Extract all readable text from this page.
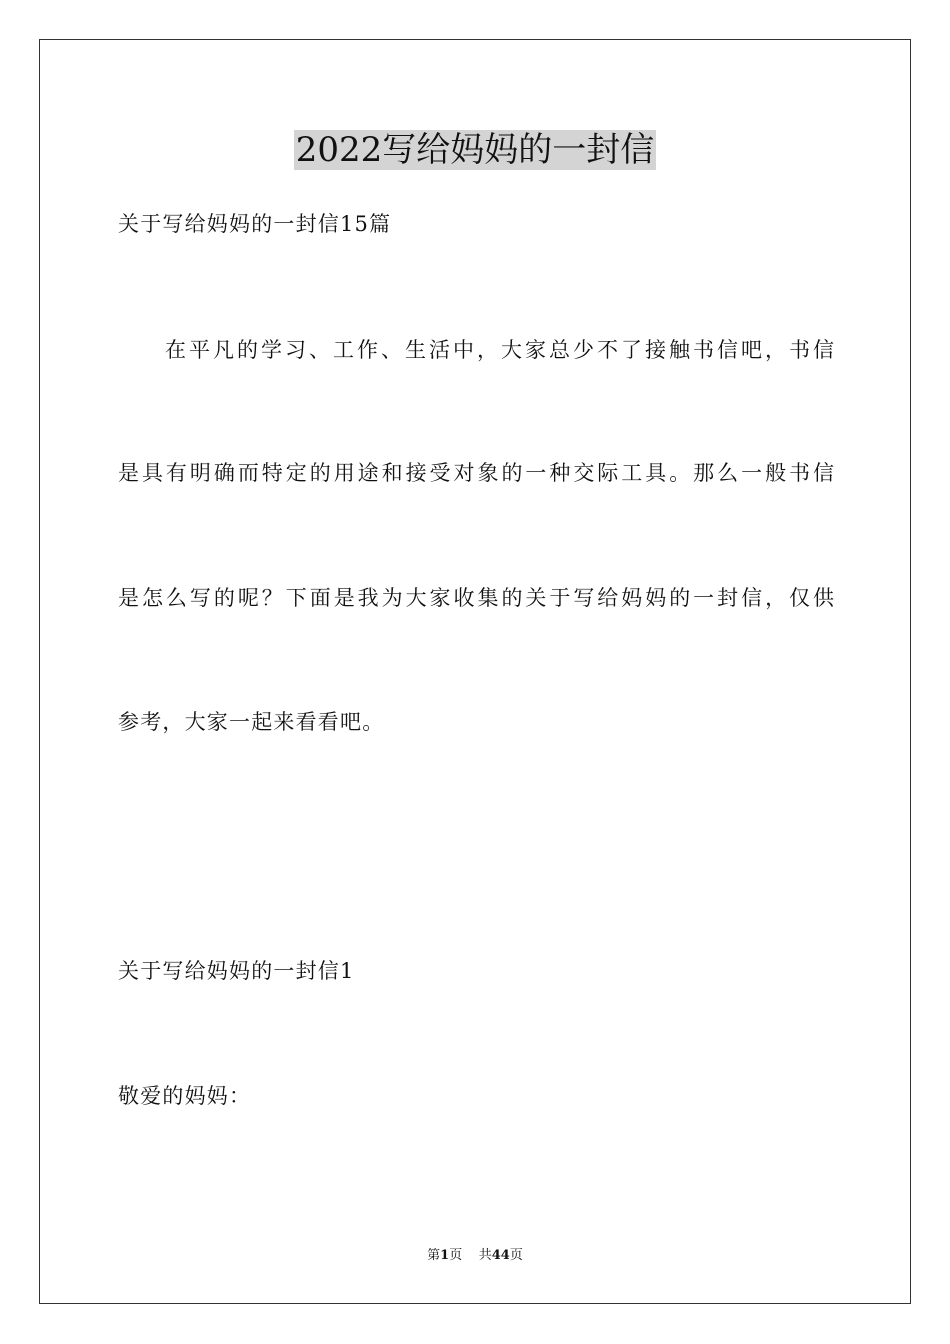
2022写给妈妈的一封信
关于写给妈妈的一封信15篇
在平凡的学习、工作、生活中，大家总少不了接触书信吧，书信
是具有明确而特定的用途和接受对象的一种交际工具。那么一般书信
是怎么写的呢？下面是我为大家收集的关于写给妈妈的一封信，仅供
参考，大家一起来看看吧。
关于写给妈妈的一封信1
敬爱的妈妈：
第1页 共44页
